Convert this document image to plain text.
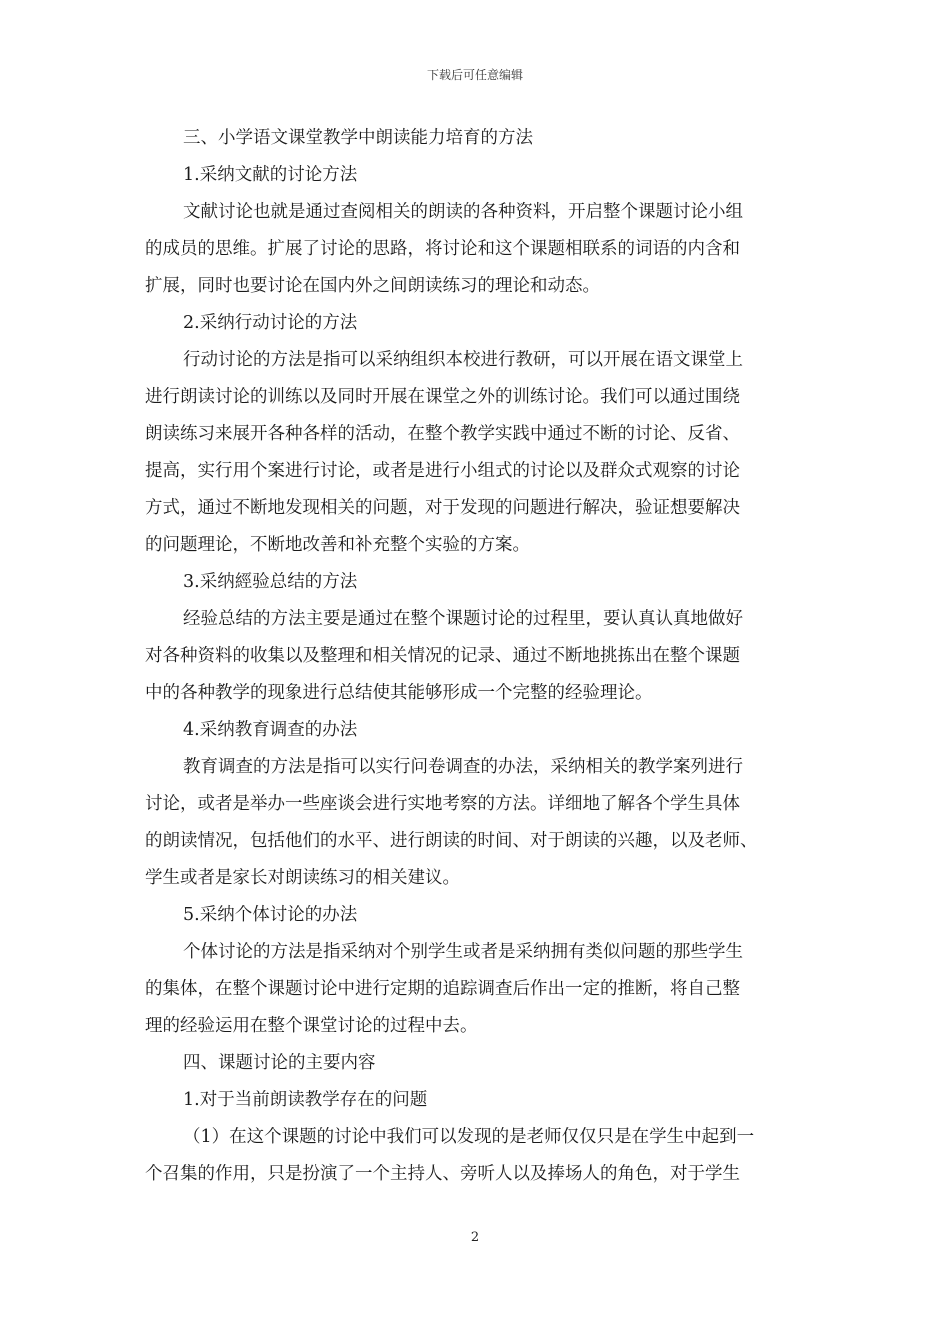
下载后可任意编辑
三、小学语文课堂教学中朗读能力培育的方法
1.采纳文献的讨论方法
文献讨论也就是通过查阅相关的朗读的各种资料，开启整个课题讨论小组
的成员的思维。扩展了讨论的思路，将讨论和这个课题相联系的词语的内含和
扩展，同时也要讨论在国内外之间朗读练习的理论和动态。
2.采纳行动讨论的方法
行动讨论的方法是指可以采纳组织本校进行教研，可以开展在语文课堂上
进行朗读讨论的训练以及同时开展在课堂之外的训练讨论。我们可以通过围绕
朗读练习来展开各种各样的活动，在整个教学实践中通过不断的讨论、反省、
提高，实行用个案进行讨论，或者是进行小组式的讨论以及群众式观察的讨论
方式，通过不断地发现相关的问题，对于发现的问题进行解决，验证想要解决
的问题理论，不断地改善和补充整个实验的方案。
3.采纳經验总结的方法
经验总结的方法主要是通过在整个课题讨论的过程里，要认真认真地做好
对各种资料的收集以及整理和相关情况的记录、通过不断地挑拣出在整个课题
中的各种教学的现象进行总结使其能够形成一个完整的经验理论。
4.采纳教育调查的办法
教育调查的方法是指可以实行问卷调查的办法，采纳相关的教学案列进行
讨论，或者是举办一些座谈会进行实地考察的方法。详细地了解各个学生具体
的朗读情况，包括他们的水平、进行朗读的时间、对于朗读的兴趣，以及老师、
学生或者是家长对朗读练习的相关建议。
5.采纳个体讨论的办法
个体讨论的方法是指采纳对个别学生或者是采纳拥有类似问题的那些学生
的集体，在整个课题讨论中进行定期的追踪调查后作出一定的推断，将自己整
理的经验运用在整个课堂讨论的过程中去。
四、课题讨论的主要内容
1.对于当前朗读教学存在的问题
（1）在这个课题的讨论中我们可以发现的是老师仅仅只是在学生中起到一
个召集的作用，只是扮演了一个主持人、旁听人以及捧场人的角色，对于学生
2
